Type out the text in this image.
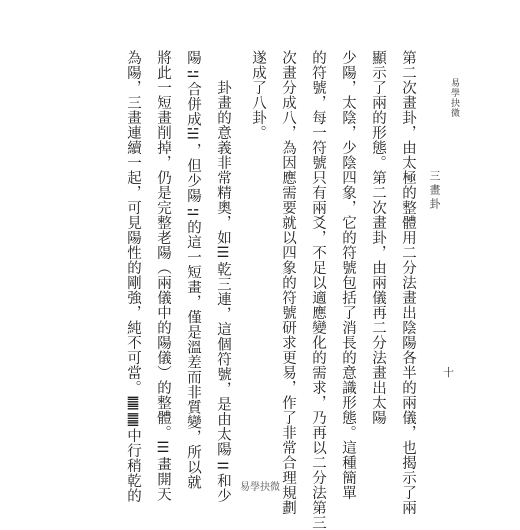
易學抉微
三畫卦
十
第二次畫卦，由太極的整體用二分法畫出陰陽各半的兩儀，也揭示了兩
顯示了兩的形態。第二次畫卦，由兩儀再二分法畫出太陽
少陽，太陰，少陰四象，它的符號包括了消長的意識形態。這種簡單
的符號，每一符號只有兩爻，不足以適應變化的需求，乃再以二分法第三
次畫分成八，為因應需要就以四象的符號研求更易，作了非常合理規劃
遂成了八卦。
卦畫的意義非常精奧，如☰乾三連，這個符號，是由太陽⚌和少
陽⚍合併成☱，但少陽⚍的這一短畫，僅是溫差而非質變，所以就
將此一短畫削掉，仍是完整老陽（兩儀中的陽儀）的整體。☰畫開天
為陽，三畫連續一起，可見陽性的剛強，純不可當。䷀䷀中行稍乾的	易學抉微
